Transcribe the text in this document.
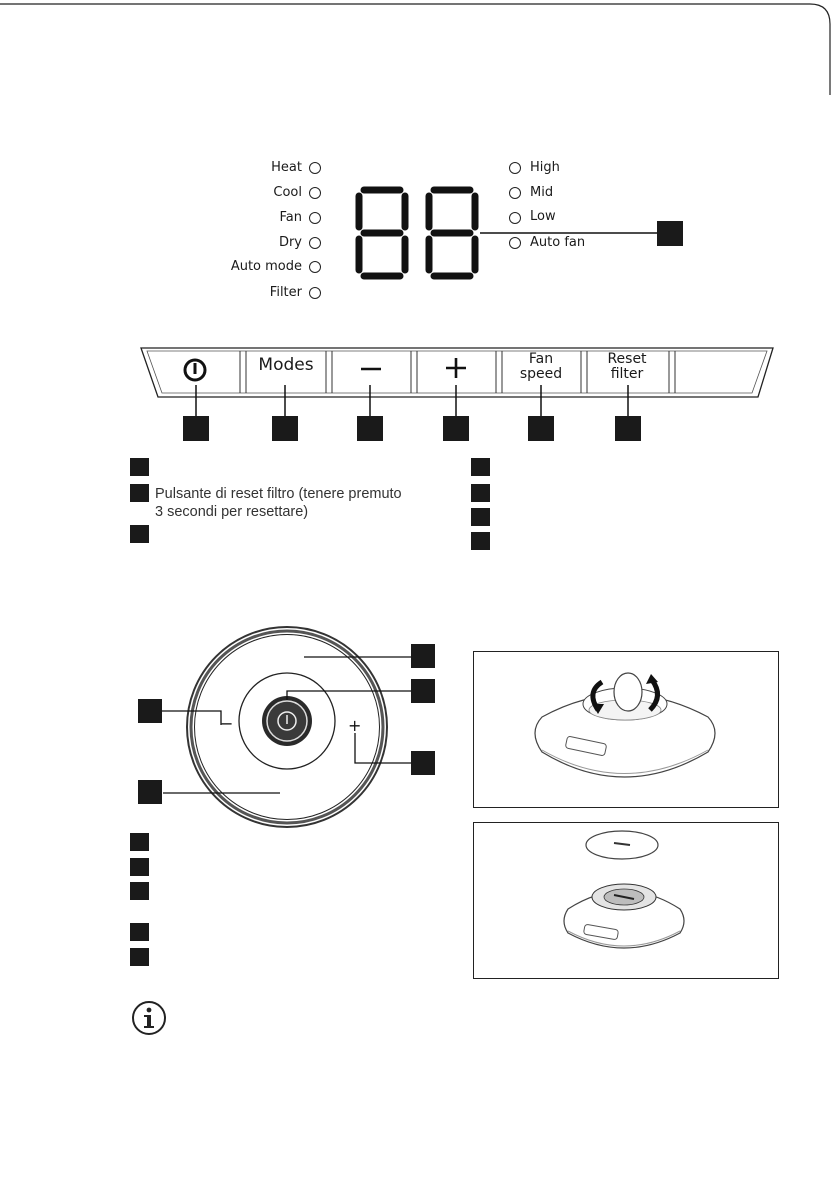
Heat
Cool
Fan
Dry
Auto mode
Filter
High
Mid
Low
Auto fan
Modes	Fan
speed
Reset
filter
Pulsante di reset filtro (tenere premuto
3 secondi per resettare)
−	+
